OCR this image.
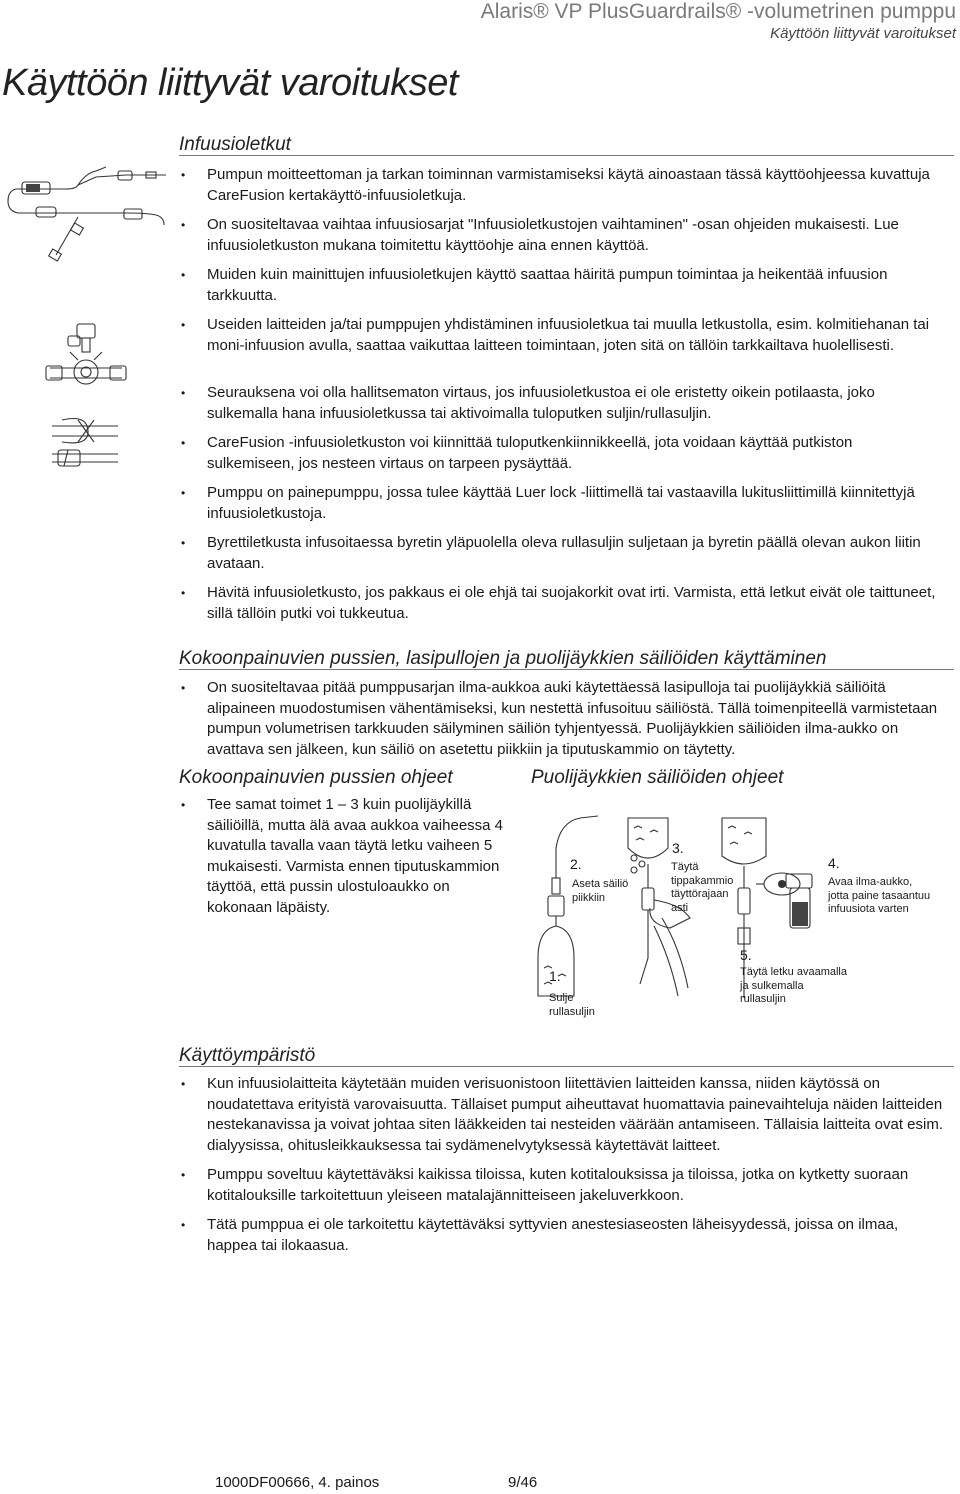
Alaris® VP PlusGuardrails® -volumetrinen pumppu
Käyttöön liittyvät varoitukset
Käyttöön liittyvät varoitukset
Infuusioletkut
• Pumpun moitteettoman ja tarkan toiminnan varmistamiseksi käytä ainoastaan tässä käyttöohjeessa kuvattuja CareFusion kertakäyttö-infuusioletkuja.
• On suositeltavaa vaihtaa infuusiosarjat "Infuusioletkustojen vaihtaminen" -osan ohjeiden mukaisesti. Lue infuusioletkuston mukana toimitettu käyttöohje aina ennen käyttöä.
• Muiden kuin mainittujen infuusioletkujen käyttö saattaa häiritä pumpun toimintaa ja heikentää infuusion tarkkuutta.
• Useiden laitteiden ja/tai pumppujen yhdistäminen infuusioletkua tai muulla letkustolla, esim. kolmitiehanan tai moni-infuusion avulla, saattaa vaikuttaa laitteen toimintaan, joten sitä on tällöin tarkkailtava huolellisesti.
• Seurauksena voi olla hallitsematon virtaus, jos infuusioletkustoa ei ole eristetty oikein potilaasta, joko sulkemalla hana infuusioletkussa tai aktivoimalla tuloputken suljin/rullasuljin.
• CareFusion -infuusioletkuston voi kiinnittää tuloputkenkiinnikkeellä, jota voidaan käyttää putkiston sulkemiseen, jos nesteen virtaus on tarpeen pysäyttää.
• Pumppu on painepumppu, jossa tulee käyttää Luer lock -liittimellä tai vastaavilla lukitusliittimillä kiinnitettyjä infuusioletkustoja.
• Byrettiletkusta infusoitaessa byretin yläpuolella oleva rullasuljin suljetaan ja byretin päällä olevan aukon liitin avataan.
• Hävitä infuusioletkusto, jos pakkaus ei ole ehjä tai suojakorkit ovat irti. Varmista, että letkut eivät ole taittuneet, sillä tällöin putki voi tukkeutua.
Kokoonpainuvien pussien, lasipullojen ja puolijäykkien säiliöiden käyttäminen
• On suositeltavaa pitää pumppusarjan ilma-aukkoa auki käytettäessä lasipulloja tai puolijäykkiä säiliöitä alipaineen muodostumisen vähentämiseksi, kun nestettä infusoituu säiliöstä. Tällä toimenpiteellä varmistetaan pumpun volumetrisen tarkkuuden säilyminen säiliön tyhjentyessä. Puolijäykkien säiliöiden ilma-aukko on avattava sen jälkeen, kun säiliö on asetettu piikkiin ja tiputuskammio on täytetty.
Kokoonpainuvien pussien ohjeet
• Tee samat toimet 1 – 3 kuin puolijäykillä säiliöillä, mutta älä avaa aukkoa vaiheessa 4 kuvatulla tavalla vaan täytä letku vaiheen 5 mukaisesti. Varmista ennen tiputuskammion täyttöä, että pussin ulostuloaukko on kokonaan läpäisty.
Puolijäykkien säiliöiden ohjeet
1.
Sulje
rullasuljin
2.
Aseta säiliö
piikkiin
3.
Täytä
tippakammio
täyttörajaan
asti
4.
Avaa ilma-aukko,
jotta paine tasaantuu
infuusiota varten
5.
Täytä letku avaamalla
ja sulkemalla
rullasuljin
Käyttöympäristö
• Kun infuusiolaitteita käytetään muiden verisuonistoon liitettävien laitteiden kanssa, niiden käytössä on noudatettava erityistä varovaisuutta. Tällaiset pumput aiheuttavat huomattavia painevaihteluja näiden laitteiden nestekanavissa ja voivat johtaa siten lääkkeiden tai nesteiden väärään antamiseen. Tällaisia laitteita ovat esim. dialyysissa, ohitusleikkauksessa tai sydämenelvytyksessä käytettävät laitteet.
• Pumppu soveltuu käytettäväksi kaikissa tiloissa, kuten kotitalouksissa ja tiloissa, jotka on kytketty suoraan kotitalouksille tarkoitettuun yleiseen matalajännitteiseen jakeluverkkoon.
• Tätä pumppua ei ole tarkoitettu käytettäväksi syttyvien anestesiaseosten läheisyydessä, joissa on ilmaa, happea tai ilokaasua.
1000DF00666, 4. painos	9/46
